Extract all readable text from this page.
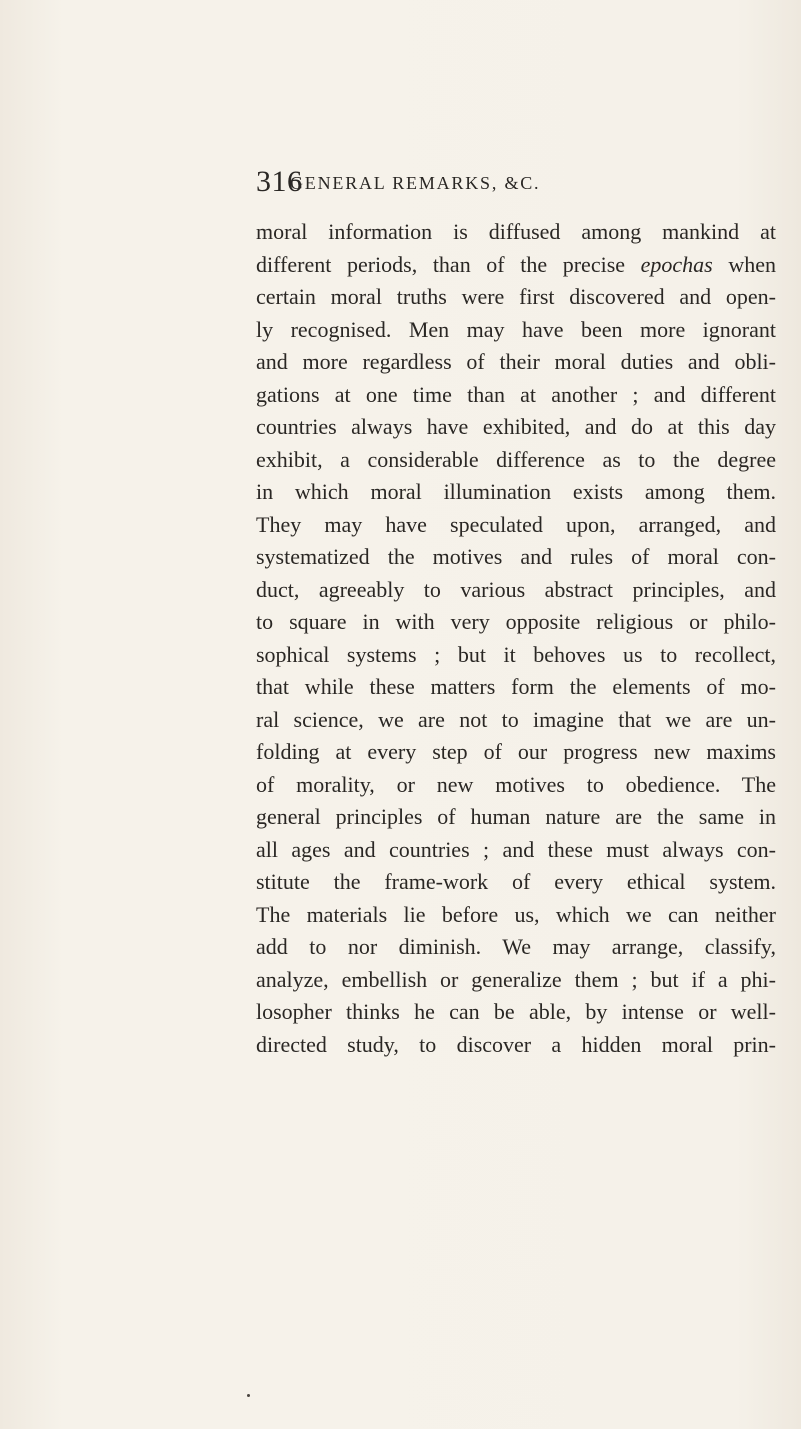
316
GENERAL REMARKS, &C.
moral information is diffused among mankind at
different periods, than of the precise epochas when
certain moral truths were first discovered and open-
ly recognised. Men may have been more ignorant
and more regardless of their moral duties and obli-
gations at one time than at another ; and different
countries always have exhibited, and do at this day
exhibit, a considerable difference as to the degree
in which moral illumination exists among them.
They may have speculated upon, arranged, and
systematized the motives and rules of moral con-
duct, agreeably to various abstract principles, and
to square in with very opposite religious or philo-
sophical systems ; but it behoves us to recollect,
that while these matters form the elements of mo-
ral science, we are not to imagine that we are un-
folding at every step of our progress new maxims
of morality, or new motives to obedience. The
general principles of human nature are the same in
all ages and countries ; and these must always con-
stitute the frame-work of every ethical system.
The materials lie before us, which we can neither
add to nor diminish. We may arrange, classify,
analyze, embellish or generalize them ; but if a phi-
losopher thinks he can be able, by intense or well-
directed study, to discover a hidden moral prin-
